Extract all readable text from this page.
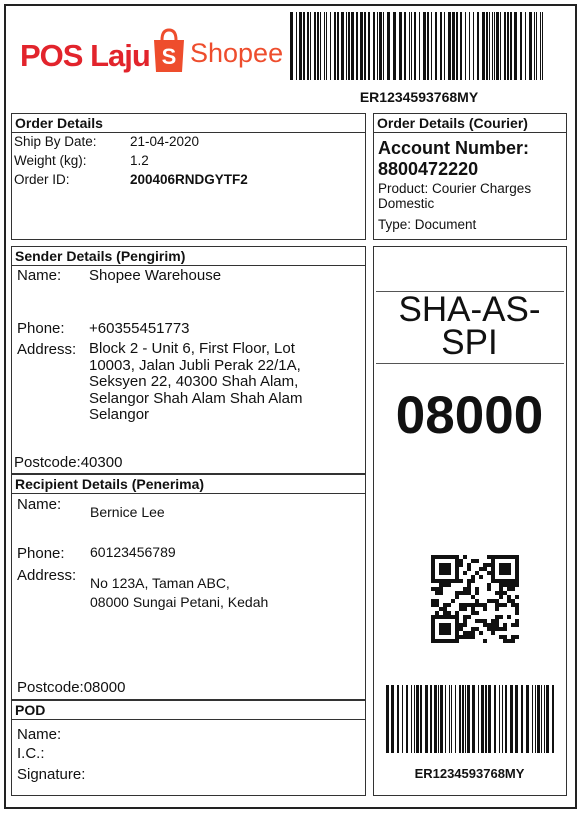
POS Laju S Shopee
ER1234593768MY
Order Details
Ship By Date: 21-04-2020
Weight (kg):	1.2
Order ID:	200406RNDGYTF2
Order Details (Courier)
Account Number:
8800472220
Product: Courier Charges Domestic
Type: Document
Sender Details (Pengirim)
Name: Shopee Warehouse
Phone: +60355451773
Address: Block 2 - Unit 6, First Floor, Lot
10003, Jalan Jubli Perak 22/1A,
Seksyen 22, 40300 Shah Alam,
Selangor Shah Alam Shah Alam
Selangor
Postcode:40300
Recipient Details (Penerima)
Name: Bernice Lee
Phone: 60123456789
Address: No 123A, Taman ABC,
08000 Sungai Petani, Kedah
Postcode:08000
POD
Name:
I.C.:
Signature:
SHA-AS-
SPI
08000
ER1234593768MY
